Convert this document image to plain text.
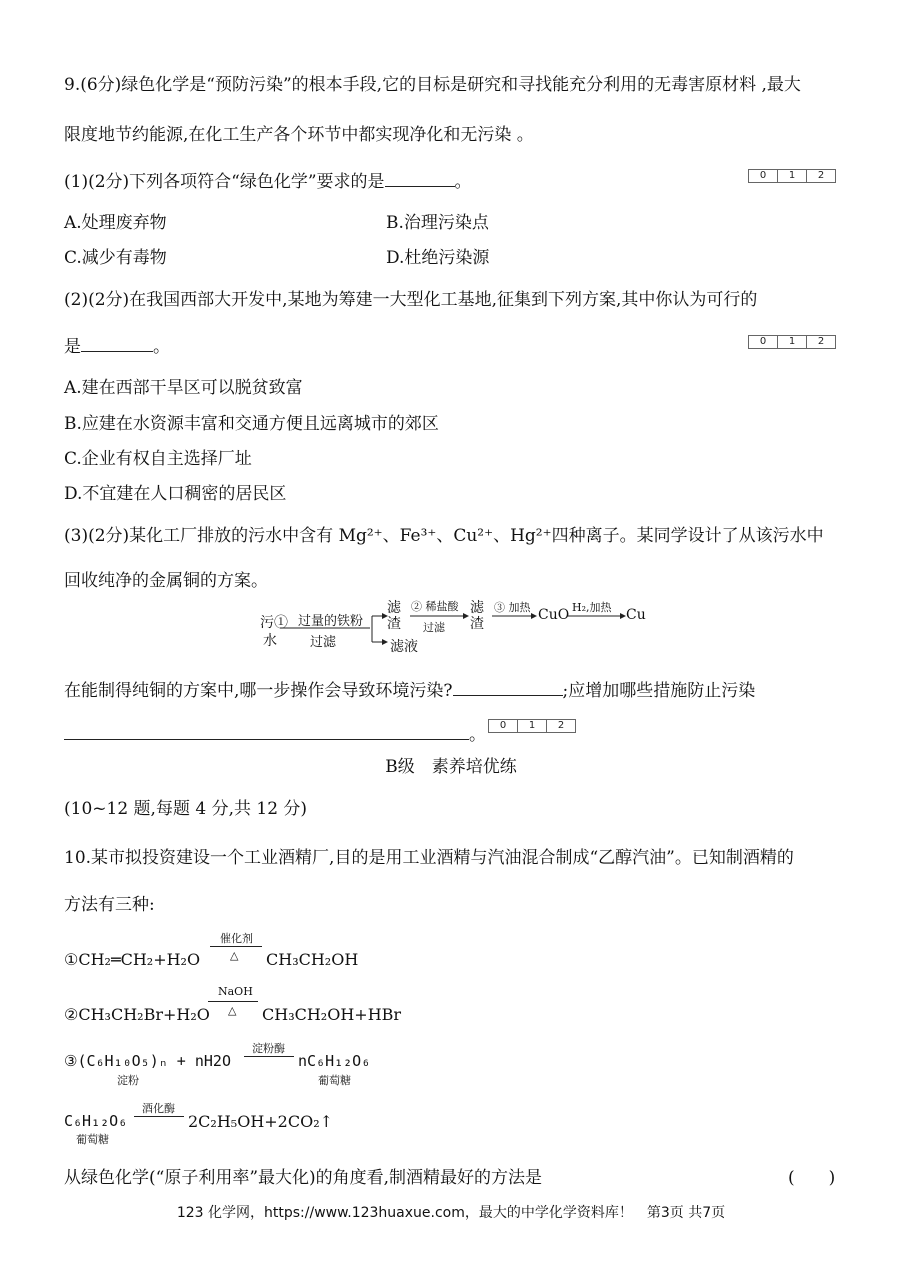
9.(6分)绿色化学是“预防污染”的根本手段,它的目标是研究和寻找能充分利用的无毒害原材料 ,最大
限度地节约能源,在化工生产各个环节中都实现净化和无污染 。
(1)(2分)下列各项符合“绿色化学”要求的是	。	0	1	2
A.处理废弃物	B.治理污染点
C.减少有毒物	D.杜绝污染源
(2)(2分)在我国西部大开发中,某地为筹建一大型化工基地,征集到下列方案,其中你认为可行的
是	。	0	1	2
A.建在西部干旱区可以脱贫致富
B.应建在水资源丰富和交通方便且远离城市的郊区
C.企业有权自主选择厂址
D.不宜建在人口稠密的居民区
(3)(2分)某化工厂排放的污水中含有 Mg²⁺、Fe³⁺、Cu²⁺、Hg²⁺四种离子。某同学设计了从该污水中
回收纯净的金属铜的方案。
污①
水
过量的铁粉
过滤
滤渣
滤液
② 稀盐酸
过滤
滤渣
③ 加热 CuO H₂,加热 Cu
在能制得纯铜的方案中,哪一步操作会导致环境污染?	;应增加哪些措施防止污染
。	0	1	2
B级　素养培优练
(10~12 题,每题 4 分,共 12 分)
10.某市拟投资建设一个工业酒精厂,目的是用工业酒精与汽油混合制成“乙醇汽油”。已知制酒精的
方法有三种:
①CH₂═CH₂+H₂O
催化剂
△ CH₃CH₂OH
②CH₃CH₂Br+H₂O
NaOH
△ CH₃CH₂OH+HBr
③(C₆H₁₀O₅)ₙ + nH2O
淀粉
淀粉酶
nC₆H₁₂O₆
葡萄糖
C₆H₁₂O₆
葡萄糖
酒化酶
2C₂H₅OH+2CO₂↑
从绿色化学(“原子利用率”最大化)的角度看,制酒精最好的方法是	(　　)
123 化学网，https://www.123huaxue.com，最大的中学化学资料库！　第3页 共7页
